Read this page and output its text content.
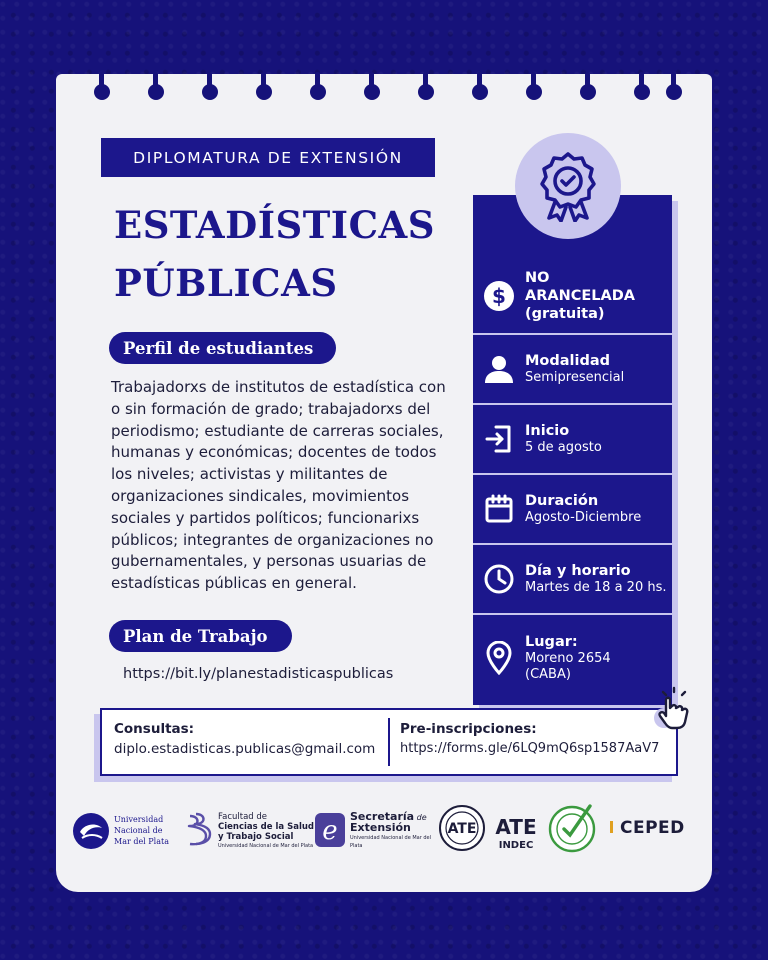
DIPLOMATURA DE EXTENSIÓN
ESTADÍSTICAS
PÚBLICAS
Perfil de estudiantes
Trabajadorxs de institutos de estadística con o sin formación de grado; trabajadorxs del periodismo; estudiante de carreras sociales, humanas y económicas; docentes de todos los niveles; activistas y militantes de organizaciones sindicales, movimientos sociales y partidos políticos; funcionarixs públicos; integrantes de organizaciones no gubernamentales, y personas usuarias de estadísticas públicas en general.
Plan de Trabajo
https://bit.ly/planestadisticaspublicas
$
NO
ARANCELADA
(gratuita)
Modalidad
Semipresencial
Inicio
5 de agosto
Duración
Agosto-Diciembre
Día y horario
Martes de 18 a 20 hs.
Lugar:
Moreno 2654
(CABA)
Consultas:
diplo.estadisticas.publicas@gmail.com
Pre-inscripciones:
https://forms.gle/6LQ9mQ6sp1587AaV7
Universidad
Nacional de
Mar del Plata
Facultad de
Ciencias de la Salud
y Trabajo Social
Universidad Nacional de Mar del Plata e Secretaría de
Extensión
Universidad Nacional de Mar del Plata
ATE ATE
INDEC
CEPED
